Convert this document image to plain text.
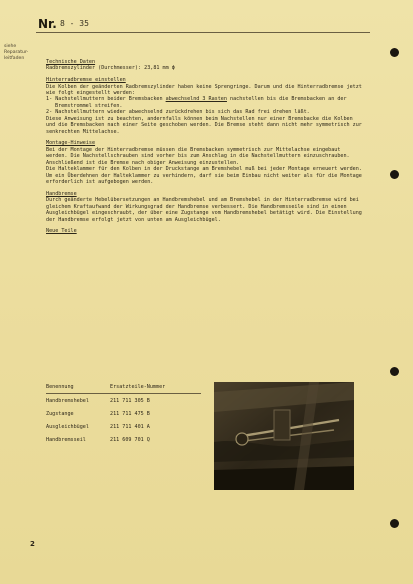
Nr. 8 - 35
siehe Reparatur- leitfaden

Technische Daten

Radbremszylinder (Durchmesser): 23,81 mm ϕ

Hinterradbremse einstellen

Die Kolben der geänderten Radbremszylinder haben keine Sprengringe. Darum und die Hinterradbremse jetzt wie folgt eingestellt werden:

1- Nachstellmuttern beider Bremsbacken abwechselnd 3 Rasten nachstellen bis die Bremsbacken an der Bremstrommel streifen.

2- Nachstellmuttern wieder abwechselnd zurückdrehen bis sich das Rad frei drehen läßt.

Diese Anweisung ist zu beachten, andernfalls können beim Nachstellen nur einer Bremsbacke die Kolben und die Bremsbacken nach einer Seite geschoben werden. Die Bremse steht dann nicht mehr symmetrisch zur senkrechten Mittelachse.

Montage-Hinweise

Bei der Montage der Hinterradbremse müssen die Bremsbacken symmetrisch zur Mittelachse eingebaut werden. Die Nachstellschrauben sind vorher bis zum Anschlag in die Nachstellmuttern einzuschrauben. Anschließend ist die Bremse nach obiger Anweisung einzustellen.

Die Halteklammer für den Kolben in der Druckstange am Bremshebel muß bei jeder Montage erneuert werden. Um ein Überdehnen der Halteklammer zu verhindern, darf sie beim Einbau nicht weiter als für die Montage erforderlich ist aufgebogen werden.

Handbremse

Durch geänderte Hebelübersetzungen an Handbremshebel und am Bremshebel in der Hinterradbremse wird bei gleichem Kraftaufwand der Wirkungsgrad der Handbremse verbessert. Die Handbremsseile sind in einen Ausgleichbügel eingeschraubt, der über eine Zugstange vom Handbremshebel betätigt wird. Die Einstellung der Handbremse erfolgt jetzt von unten am Ausgleichbügel.

Neue Teile

Benennung	Ersatzteile-Nummer
Handbremshebel	211 711 305 B
Zugstange	211 711 475 B
Ausgleichbügel	211 711 401 A
Handbremsseil	211 609 701 Q
2
